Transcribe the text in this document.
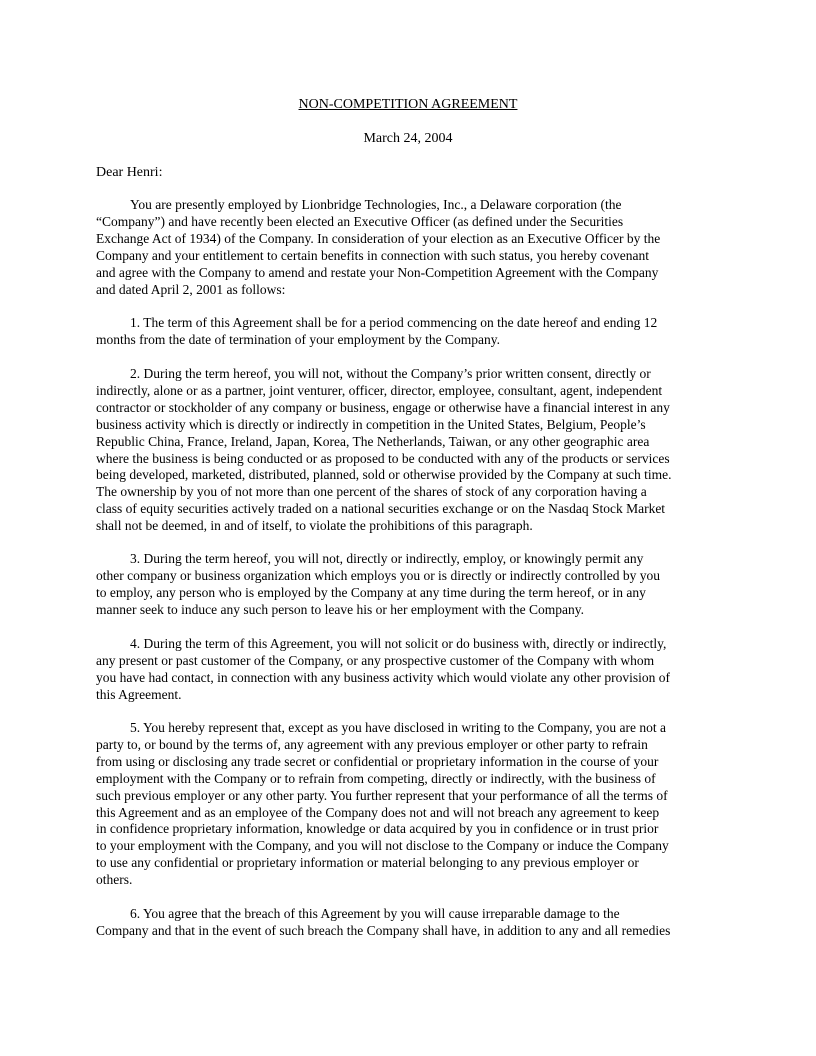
NON-COMPETITION AGREEMENT
March 24, 2004
Dear Henri:
You are presently employed by Lionbridge Technologies, Inc., a Delaware corporation (the
“Company”) and have recently been elected an Executive Officer (as defined under the Securities
Exchange Act of 1934) of the Company. In consideration of your election as an Executive Officer by the
Company and your entitlement to certain benefits in connection with such status, you hereby covenant
and agree with the Company to amend and restate your Non-Competition Agreement with the Company
and dated April 2, 2001 as follows:
1. The term of this Agreement shall be for a period commencing on the date hereof and ending 12
months from the date of termination of your employment by the Company.
2. During the term hereof, you will not, without the Company’s prior written consent, directly or
indirectly, alone or as a partner, joint venturer, officer, director, employee, consultant, agent, independent
contractor or stockholder of any company or business, engage or otherwise have a financial interest in any
business activity which is directly or indirectly in competition in the United States, Belgium, People’s
Republic China, France, Ireland, Japan, Korea, The Netherlands, Taiwan, or any other geographic area
where the business is being conducted or as proposed to be conducted with any of the products or services
being developed, marketed, distributed, planned, sold or otherwise provided by the Company at such time.
The ownership by you of not more than one percent of the shares of stock of any corporation having a
class of equity securities actively traded on a national securities exchange or on the Nasdaq Stock Market
shall not be deemed, in and of itself, to violate the prohibitions of this paragraph.
3. During the term hereof, you will not, directly or indirectly, employ, or knowingly permit any
other company or business organization which employs you or is directly or indirectly controlled by you
to employ, any person who is employed by the Company at any time during the term hereof, or in any
manner seek to induce any such person to leave his or her employment with the Company.
4. During the term of this Agreement, you will not solicit or do business with, directly or indirectly,
any present or past customer of the Company, or any prospective customer of the Company with whom
you have had contact, in connection with any business activity which would violate any other provision of
this Agreement.
5. You hereby represent that, except as you have disclosed in writing to the Company, you are not a
party to, or bound by the terms of, any agreement with any previous employer or other party to refrain
from using or disclosing any trade secret or confidential or proprietary information in the course of your
employment with the Company or to refrain from competing, directly or indirectly, with the business of
such previous employer or any other party. You further represent that your performance of all the terms of
this Agreement and as an employee of the Company does not and will not breach any agreement to keep
in confidence proprietary information, knowledge or data acquired by you in confidence or in trust prior
to your employment with the Company, and you will not disclose to the Company or induce the Company
to use any confidential or proprietary information or material belonging to any previous employer or
others.
6. You agree that the breach of this Agreement by you will cause irreparable damage to the
Company and that in the event of such breach the Company shall have, in addition to any and all remedies
